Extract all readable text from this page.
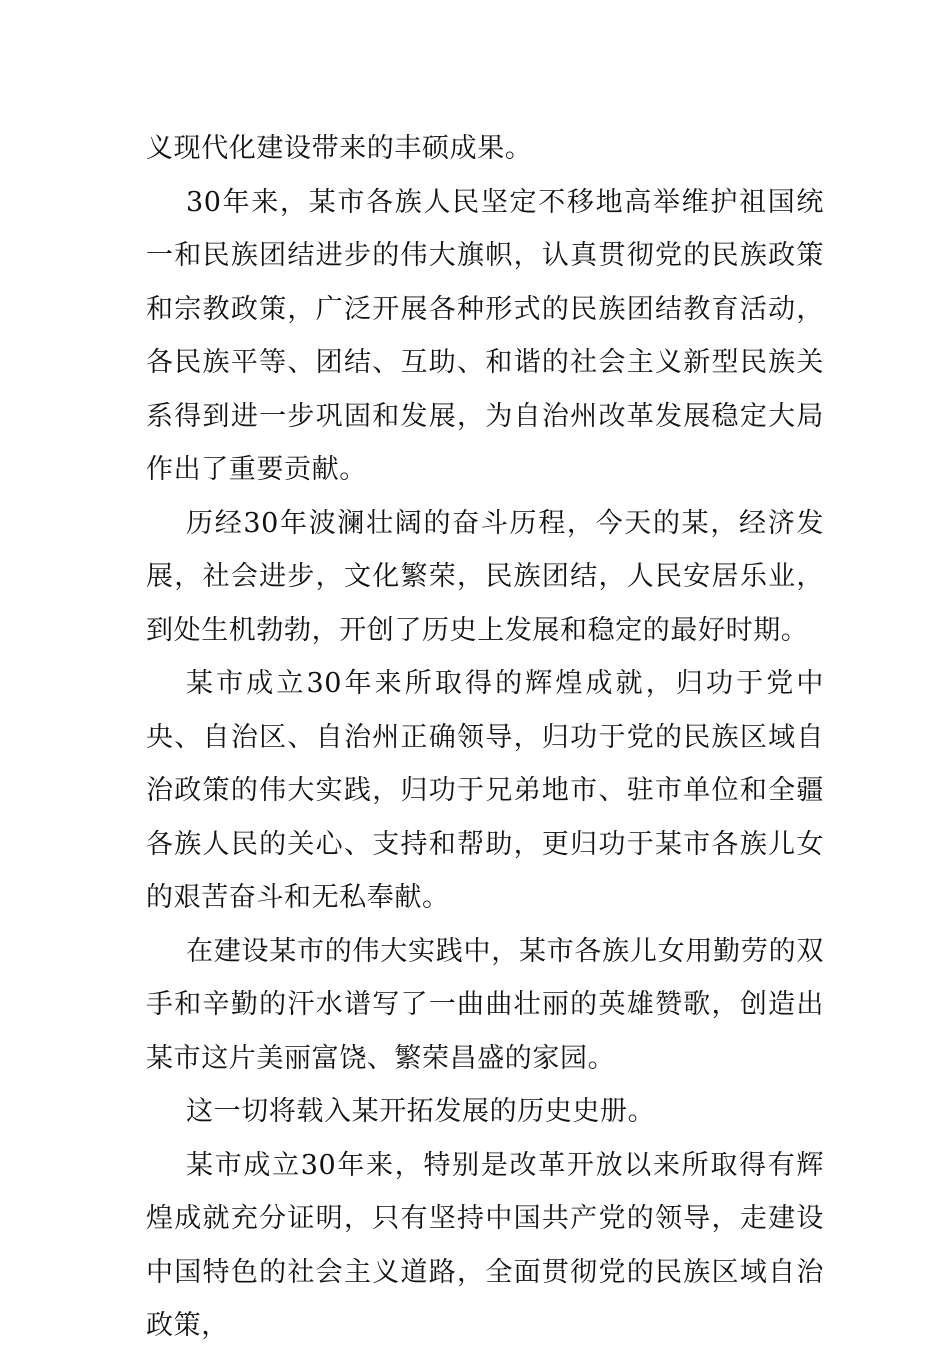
义现代化建设带来的丰硕成果。

30年来，某市各族人民坚定不移地高举维护祖国统一和民族团结进步的伟大旗帜，认真贯彻党的民族政策和宗教政策，广泛开展各种形式的民族团结教育活动，各民族平等、团结、互助、和谐的社会主义新型民族关系得到进一步巩固和发展，为自治州改革发展稳定大局作出了重要贡献。

历经30年波澜壮阔的奋斗历程，今天的某，经济发展，社会进步，文化繁荣，民族团结，人民安居乐业，到处生机勃勃，开创了历史上发展和稳定的最好时期。

某市成立30年来所取得的辉煌成就，归功于党中央、自治区、自治州正确领导，归功于党的民族区域自治政策的伟大实践，归功于兄弟地市、驻市单位和全疆各族人民的关心、支持和帮助，更归功于某市各族儿女的艰苦奋斗和无私奉献。

在建设某市的伟大实践中，某市各族儿女用勤劳的双手和辛勤的汗水谱写了一曲曲壮丽的英雄赞歌，创造出某市这片美丽富饶、繁荣昌盛的家园。

这一切将载入某开拓发展的历史史册。

某市成立30年来，特别是改革开放以来所取得有辉煌成就充分证明，只有坚持中国共产党的领导，走建设中国特色的社会主义道路，全面贯彻党的民族区域自治政策，
